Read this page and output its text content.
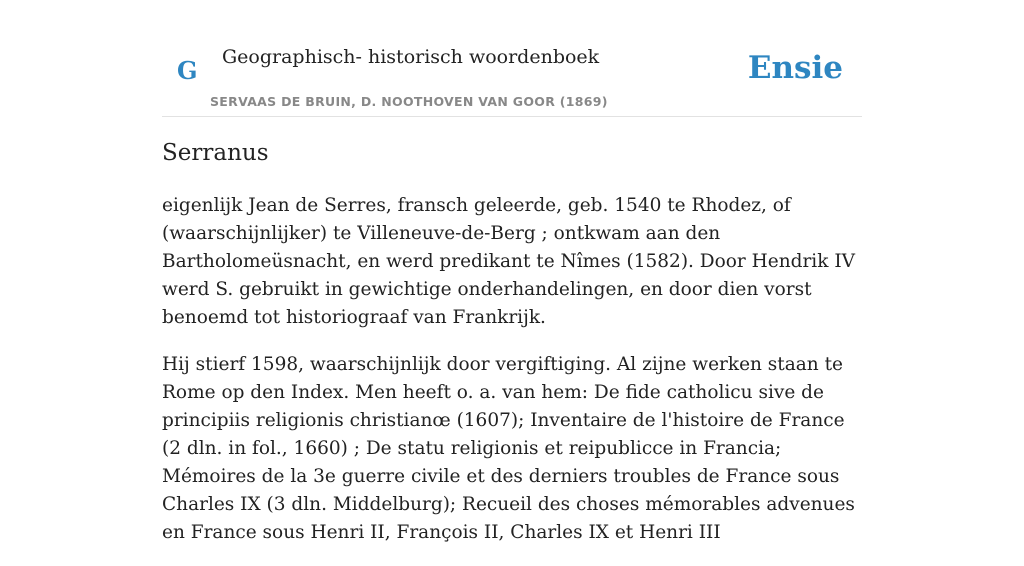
G Geographisch- historisch woordenboek
SERVAAS DE BRUIN, D. NOOTHOVEN VAN GOOR (1869)
Ensie
Serranus

eigenlijk Jean de Serres, fransch geleerde, geb. 1540 te Rhodez, of (waarschijnlijker) te Villeneuve-de-Berg ; ontkwam aan den Bartholomeüsnacht, en werd predikant te Nîmes (1582). Door Hendrik IV werd S. gebruikt in gewichtige onderhandelingen, en door dien vorst benoemd tot historiograaf van Frankrijk.

Hij stierf 1598, waarschijnlijk door vergiftiging. Al zijne werken staan te Rome op den Index. Men heeft o. a. van hem: De fide catholicu sive de principiis religionis christianœ (1607); Inventaire de l'histoire de France (2 dln. in fol., 1660) ; De statu religionis et reipublicce in Francia; Mémoires de la 3e guerre civile et des derniers troubles de France sous Charles IX (3 dln. Middelburg); Recueil des choses mémorables advenues en France sous Henri II, François II, Charles IX et Henri III
